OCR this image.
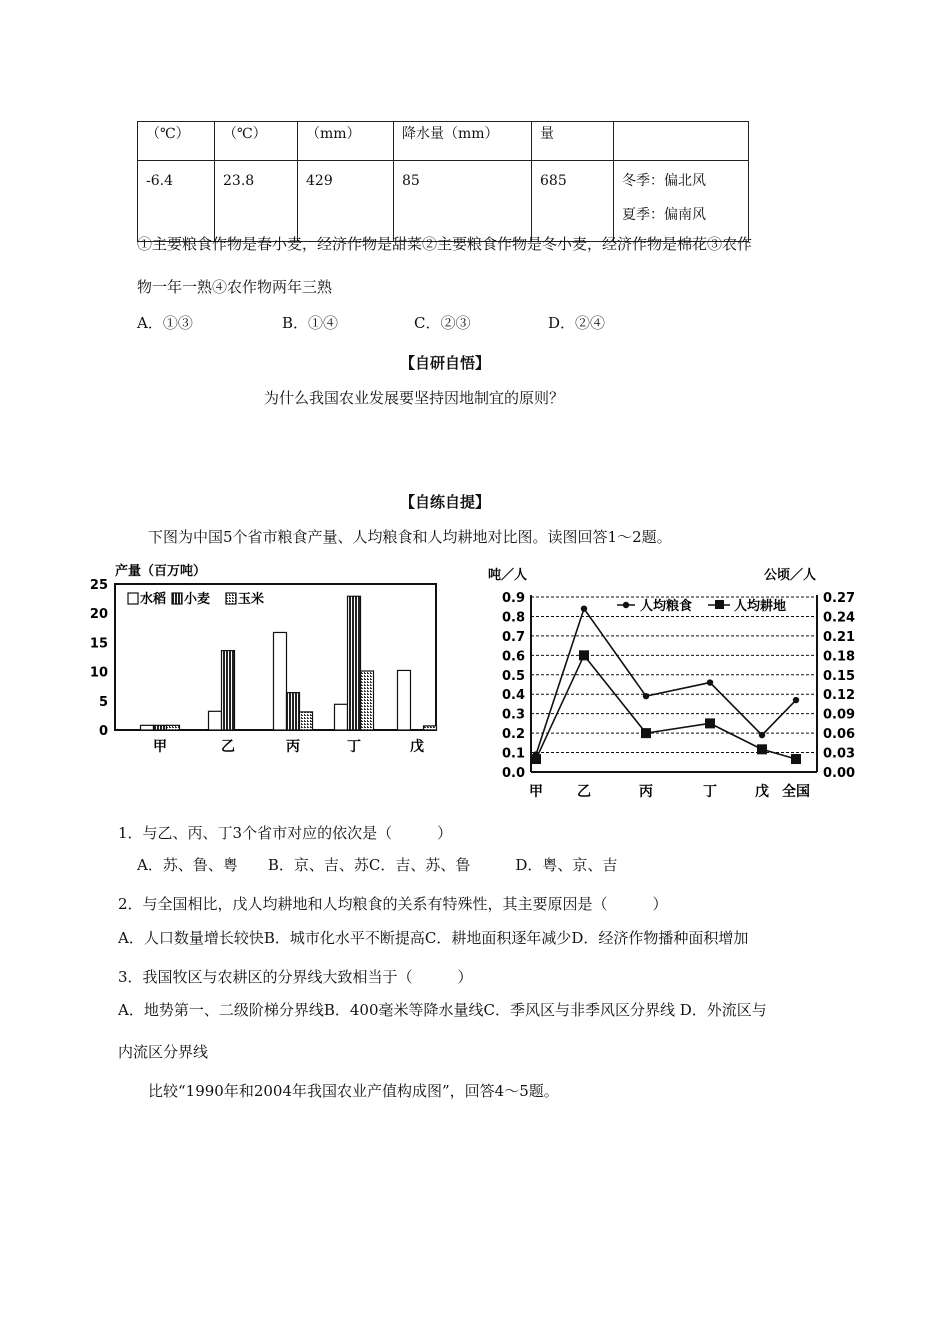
（℃）	（℃）	（mm）	降水量（mm）	量	
-6.4	23.8	429	85	685	冬季：偏北风
夏季：偏南风
①主要粮食作物是春小麦，经济作物是甜菜②主要粮食作物是冬小麦，经济作物是棉花③农作
物一年一熟④农作物两年三熟
A．①③	B．①④	C．②③	D．②④
【自研自悟】
为什么我国农业发展要坚持因地制宜的原则？
【自练自提】
下图为中国5个省市粮食产量、人均粮食和人均耕地对比图。读图回答1～2题。
产量（百万吨）
0
5
10
15
20
25
水稻 小麦 玉米
甲	乙	丙	丁	戊
吨／人	公顷／人
0.0
0.1
0.2
0.3
0.4
0.5
0.6
0.7
0.8
0.9
0.00
0.03
0.06
0.09
0.12
0.15
0.18
0.21
0.24
0.27
甲 乙	丙	丁	戊 全国
人均粮食	人均耕地
1．与乙、丙、丁3个省市对应的依次是（　　　）
A．苏、鲁、粤　　B．京、吉、苏C．吉、苏、鲁　　　D．粤、京、吉
2．与全国相比，戊人均耕地和人均粮食的关系有特殊性，其主要原因是（　　　）
A．人口数量增长较快B．城市化水平不断提高C．耕地面积逐年减少D．经济作物播种面积增加
3．我国牧区与农耕区的分界线大致相当于（　　　）
A．地势第一、二级阶梯分界线B．400毫米等降水量线C．季风区与非季风区分界线 D．外流区与
内流区分界线
比较“1990年和2004年我国农业产值构成图”，回答4～5题。
